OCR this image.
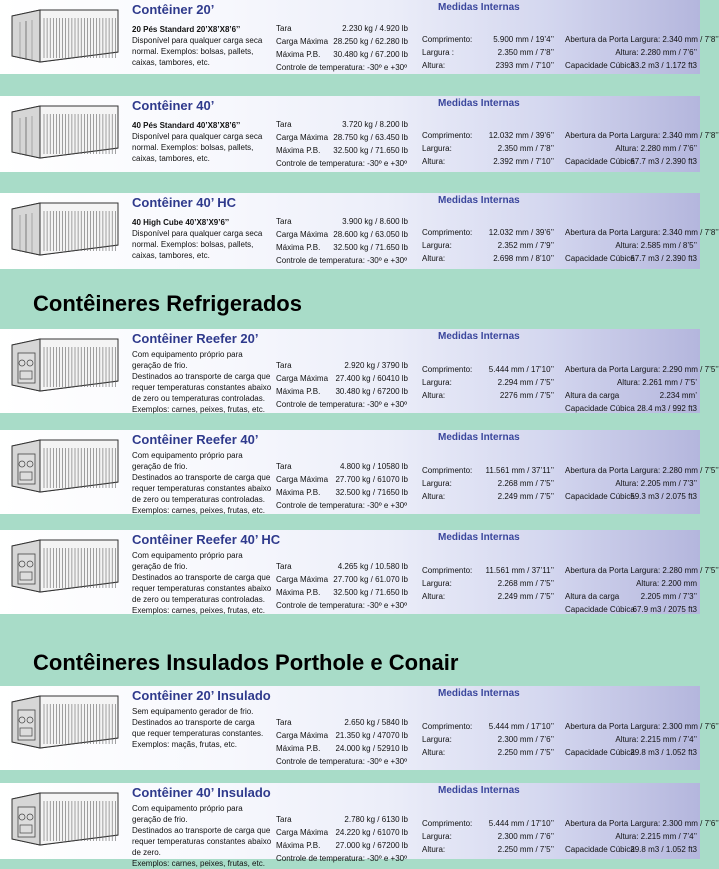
Contêineres Refrigerados
Contêineres Insulados Porthole e Conair
Contêiner 20’	Medidas Internas
20 Pés Standard 20’X8’X8’6’’
Disponível para qualquer carga seca normal. Exemplos: bolsas, pallets, caixas, tambores, etc.
Tara	2.230 kg / 4.920 lb
Carga Máxima 28.250 kg / 62.280 lb
Máxima P.B. 30.480 kg / 67.200 lb
Controle de temperatura: -30º e +30º
Comprimento:	5.900 mm / 19’4’’
Largura :	2.350 mm / 7’8’’
Altura:	2393 mm / 7’10’’
Abertura da Porta Largura: 2.340 mm / 7’8’’
Altura: 2.280 mm / 7’6’’
Capacidade Cúbica
33.2 m3 / 1.172 ft3
Contêiner 40’	Medidas Internas
40 Pés Standard 40’X8’X8’6’’
Disponível para qualquer carga seca normal. Exemplos: bolsas, pallets, caixas, tambores, etc.
Tara	3.720 kg / 8.200 lb
Carga Máxima 28.750 kg / 63.450 lb
Máxima P.B. 32.500 kg / 71.650 lb
Controle de temperatura: -30º e +30º
Comprimento: 12.032 mm / 39’6’’
Largura:	2.350 mm / 7’8’’
Altura:	2.392 mm / 7’10’’
Abertura da Porta Largura: 2.340 mm / 7’8’’
Altura: 2.280 mm / 7’6’’
Capacidade Cúbica
67.7 m3 / 2.390 ft3
Contêiner 40’ HC	Medidas Internas
40 High Cube 40’X8’X9’6’’
Disponível para qualquer carga seca normal. Exemplos: bolsas, pallets, caixas, tambores, etc.
Tara	3.900 kg / 8.600 lb
Carga Máxima 28.600 kg / 63.050 lb
Máxima P.B. 32.500 kg / 71.650 lb
Controle de temperatura: -30º e +30º
Comprimento: 12.032 mm / 39’6’’
Largura:	2.352 mm / 7’9’’
Altura:	2.698 mm / 8’10’’
Abertura da Porta Largura: 2.340 mm / 7’8’’
Altura: 2.585 mm / 8’5’’
Capacidade Cúbica
67.7 m3 / 2.390 ft3
Contêiner Reefer 20’	Medidas Internas
Com equipamento próprio para geração de frio.
Destinados ao transporte de carga que requer temperaturas constantes abaixo de zero ou temperaturas controladas.
Exemplos: carnes, peixes, frutas, etc.
Tara	2.920 kg / 3790 lb
Carga Máxima 27.400 kg / 60410 lb
Máxima P.B. 30.480 kg / 67200 lb
Controle de temperatura: -30º e +30º
Comprimento: 5.444 mm / 17’10’’
Largura:	2.294 mm / 7’5’’
Altura:	2276 mm / 7’5’’
Abertura da Porta Largura: 2.290 mm / 7’5’’
Altura: 2.261 mm / 7’5’
Altura da carga	2.234 mm’
Capacidade Cúbica 28.4 m3 / 992 ft3
Contêiner Reefer 40’	Medidas Internas
Com equipamento próprio para geração de frio.
Destinados ao transporte de carga que requer temperaturas constantes abaixo de zero ou temperaturas controladas.
Exemplos: carnes, peixes, frutas, etc.
Tara	4.800 kg / 10580 lb
Carga Máxima 27.700 kg / 61070 lb
Máxima P.B. 32.500 kg / 71650 lb
Controle de temperatura: -30º e +30º
Comprimento: 11.561 mm / 37’11’’
Largura:	2.268 mm / 7’5’’
Altura:	2.249 mm / 7’5’’
Abertura da Porta Largura: 2.280 mm / 7’5’’
Altura: 2.205 mm / 7’3’’
Capacidade Cúbica
59.3 m3 / 2.075 ft3
Contêiner Reefer 40’ HC	Medidas Internas
Com equipamento próprio para geração de frio.
Destinados ao transporte de carga que requer temperaturas constantes abaixo de zero ou temperaturas controladas.
Exemplos: carnes, peixes, frutas, etc.
Tara	4.265 kg / 10.580 lb
Carga Máxima 27.700 kg / 61.070 lb
Máxima P.B. 32.500 kg / 71.650 lb
Controle de temperatura: -30º e +30º
Comprimento: 11.561 mm / 37’11’’
Largura:	2.268 mm / 7’5’’
Altura:	2.249 mm / 7’5’’
Abertura da Porta Largura: 2.280 mm / 7’5’’
Altura: 2.200 mm
Altura da carga	2.205 mm / 7’3’’
Capacidade Cúbica
67.9 m3 / 2075 ft3
Contêiner 20’ Insulado	Medidas Internas
Sem equipamento gerador de frio.
Destinados ao transporte de carga
que requer temperaturas constantes.
Exemplos: maçãs, frutas, etc.
Tara	2.650 kg / 5840 lb
Carga Máxima 21.350 kg / 47070 lb
Máxima P.B. 24.000 kg / 52910 lb
Controle de temperatura: -30º e +30º
Comprimento: 5.444 mm / 17’10’’
Largura:	2.300 mm / 7’6’’
Altura:	2.250 mm / 7’5’’
Abertura da Porta Largura: 2.300 mm / 7’6’’
Altura: 2.215 mm / 7’4’’
Capacidade Cúbica
29.8 m3 / 1.052 ft3
Contêiner 40’ Insulado	Medidas Internas
Com equipamento próprio para geração de frio.
Destinados ao transporte de carga que requer temperaturas constantes abaixo de zero.
Exemplos: carnes, peixes, frutas, etc.
Tara	2.780 kg / 6130 lb
Carga Máxima 24.220 kg / 61070 lb
Máxima P.B. 27.000 kg / 67200 lb
Controle de temperatura: -30º e +30º
Comprimento: 5.444 mm / 17’10’’
Largura:	2.300 mm / 7’6’’
Altura:	2.250 mm / 7’5’’
Abertura da Porta Largura: 2.300 mm / 7’6’’
Altura: 2.215 mm / 7’4’’
Capacidade Cúbica
29.8 m3 / 1.052 ft3
